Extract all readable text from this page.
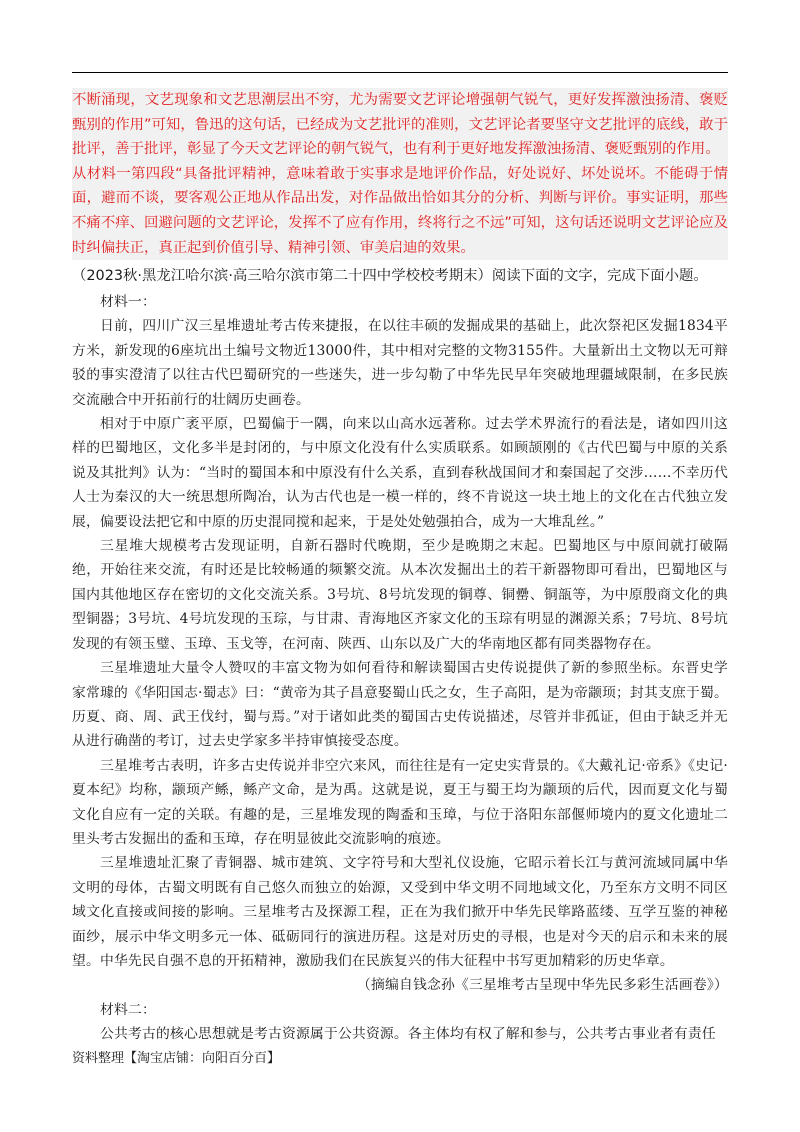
不断涌现，文艺现象和文艺思潮层出不穷，尤为需要文艺评论增强朝气锐气，更好发挥激浊扬清、褒贬甄别的作用”可知，鲁迅的这句话，已经成为文艺批评的准则，文艺评论者要坚守文艺批评的底线，敢于批评，善于批评，彰显了今天文艺评论的朝气锐气，也有利于更好地发挥激浊扬清、褒贬甄别的作用。

从材料一第四段“具备批评精神，意味着敢于实事求是地评价作品，好处说好、坏处说坏。不能碍于情面，避而不谈，要客观公正地从作品出发，对作品做出恰如其分的分析、判断与评价。事实证明，那些不痛不痒、回避问题的文艺评论，发挥不了应有作用，终将行之不远”可知，这句话还说明文艺评论应及时纠偏扶正，真正起到价值引导、精神引领、审美启迪的效果。

（2023秋·黑龙江哈尔滨·高三哈尔滨市第二十四中学校校考期末）阅读下面的文字，完成下面小题。

材料一：

日前，四川广汉三星堆遗址考古传来捷报，在以往丰硕的发掘成果的基础上，此次祭祀区发掘1834平方米，新发现的6座坑出土编号文物近13000件，其中相对完整的文物3155件。大量新出土文物以无可辩驳的事实澄清了以往古代巴蜀研究的一些迷失，进一步勾勒了中华先民早年突破地理疆域限制，在多民族交流融合中开拓前行的壮阔历史画卷。

相对于中原广袤平原，巴蜀偏于一隅，向来以山高水远著称。过去学术界流行的看法是，诸如四川这样的巴蜀地区，文化多半是封闭的，与中原文化没有什么实质联系。如顾颉刚的《古代巴蜀与中原的关系说及其批判》认为：“当时的蜀国本和中原没有什么关系，直到春秋战国间才和秦国起了交涉……不幸历代人士为秦汉的大一统思想所陶冶，认为古代也是一模一样的，终不肯说这一块土地上的文化在古代独立发展，偏要设法把它和中原的历史混同搅和起来，于是处处勉强拍合，成为一大堆乱丝。”

三星堆大规模考古发现证明，自新石器时代晚期，至少是晚期之末起。巴蜀地区与中原间就打破隔绝，开始往来交流，有时还是比较畅通的频繁交流。从本次发掘出土的若干新器物即可看出，巴蜀地区与国内其他地区存在密切的文化交流关系。3号坑、8号坑发现的铜尊、铜罍、铜瓿等，为中原殷商文化的典型铜器；3号坑、4号坑发现的玉琮，与甘肃、青海地区齐家文化的玉琮有明显的渊源关系；7号坑、8号坑发现的有领玉璧、玉璋、玉戈等，在河南、陕西、山东以及广大的华南地区都有同类器物存在。

三星堆遗址大量令人赞叹的丰富文物为如何看待和解读蜀国古史传说提供了新的参照坐标。东晋史学家常璩的《华阳国志·蜀志》曰：“黄帝为其子昌意娶蜀山氏之女，生子高阳，是为帝颛顼；封其支庶于蜀。历夏、商、周、武王伐纣，蜀与焉。”对于诸如此类的蜀国古史传说描述，尽管并非孤证，但由于缺乏并无从进行确凿的考订，过去史学家多半持审慎接受态度。

三星堆考古表明，许多古史传说并非空穴来风，而往往是有一定史实背景的。《大戴礼记·帝系》《史记·夏本纪》均称，颛顼产鲧，鲧产文命，是为禹。这就是说，夏王与蜀王均为颛顼的后代，因而夏文化与蜀文化自应有一定的关联。有趣的是，三星堆发现的陶盉和玉璋，与位于洛阳东部偃师境内的夏文化遗址二里头考古发掘出的盉和玉璋，存在明显彼此交流影响的痕迹。

三星堆遗址汇聚了青铜器、城市建筑、文字符号和大型礼仪设施，它昭示着长江与黄河流域同属中华文明的母体，古蜀文明既有自己悠久而独立的始源，又受到中华文明不同地域文化，乃至东方文明不同区域文化直接或间接的影响。三星堆考古及探源工程，正在为我们掀开中华先民筚路蓝缕、互学互鉴的神秘面纱，展示中华文明多元一体、砥砺同行的演进历程。这是对历史的寻根，也是对今天的启示和未来的展望。中华先民自强不息的开拓精神，激励我们在民族复兴的伟大征程中书写更加精彩的历史华章。

（摘编自钱念孙《三星堆考古呈现中华先民多彩生活画卷》）

材料二：

公共考古的核心思想就是考古资源属于公共资源。各主体均有权了解和参与，公共考古事业者有责任

资料整理【淘宝店铺：向阳百分百】
